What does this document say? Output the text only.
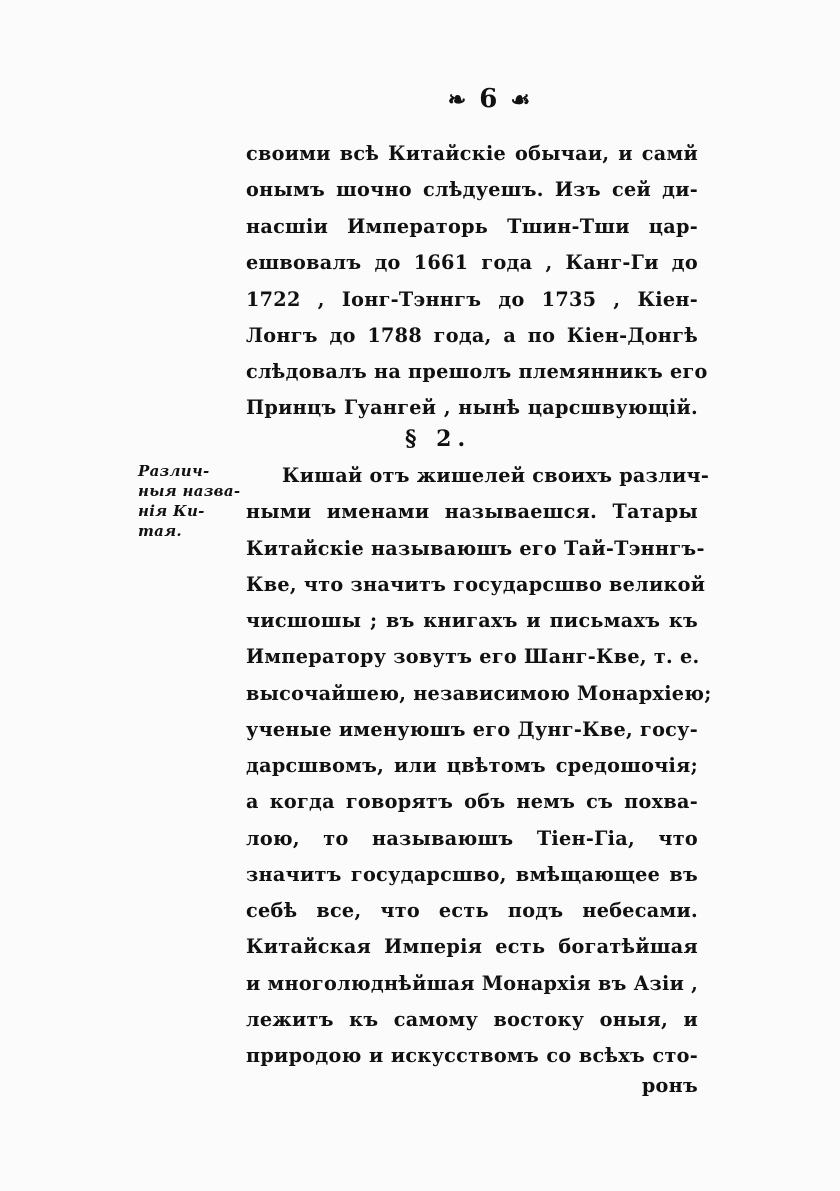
❧ 6 ☙
своими всѣ Китайскіе обычаи, и самй
онымъ шочно слѣдуешъ. Изъ сей ди-
насшіи Императорь Тшин-Тши цар-
ешвовалъ до 1661 года , Канг-Ги до
1722 , Іонг-Тэннгъ до 1735 , Кіен-
Лонгъ до 1788 года, а по Кіен-Донгѣ
слѣдовалъ на прешолъ племянникъ его
Принцъ Гуангей , нынѣ царсшвующій.
§ 2.
Различ-
ныя назва-
нія Ки-
тая.
Кишай отъ жишелей своихъ различ-
ными именами называешся. Татары
Китайскіе называюшъ его Тай-Тэннгъ-
Кве, что значитъ государсшво великой
чисшошы ; въ книгахъ и письмахъ къ
Императору зовутъ его Шанг-Кве, т. е.
высочайшею, независимою Монархіею;
ученые именуюшъ его Дунг-Кве, госу-
дарсшвомъ, или цвѣтомъ средошочія;
а когда говорятъ объ немъ съ похва-
лою, то называюшъ Тіен-Гіа, что
значитъ государсшво, вмѣщающее въ
себѣ все, что есть подъ небесами.
Китайская Имперія есть богатѣйшая
и многолюднѣйшая Монархія въ Азіи ,
лежитъ къ самому востоку оныя, и
природою и искусствомъ со всѣхъ сто-
ронъ
